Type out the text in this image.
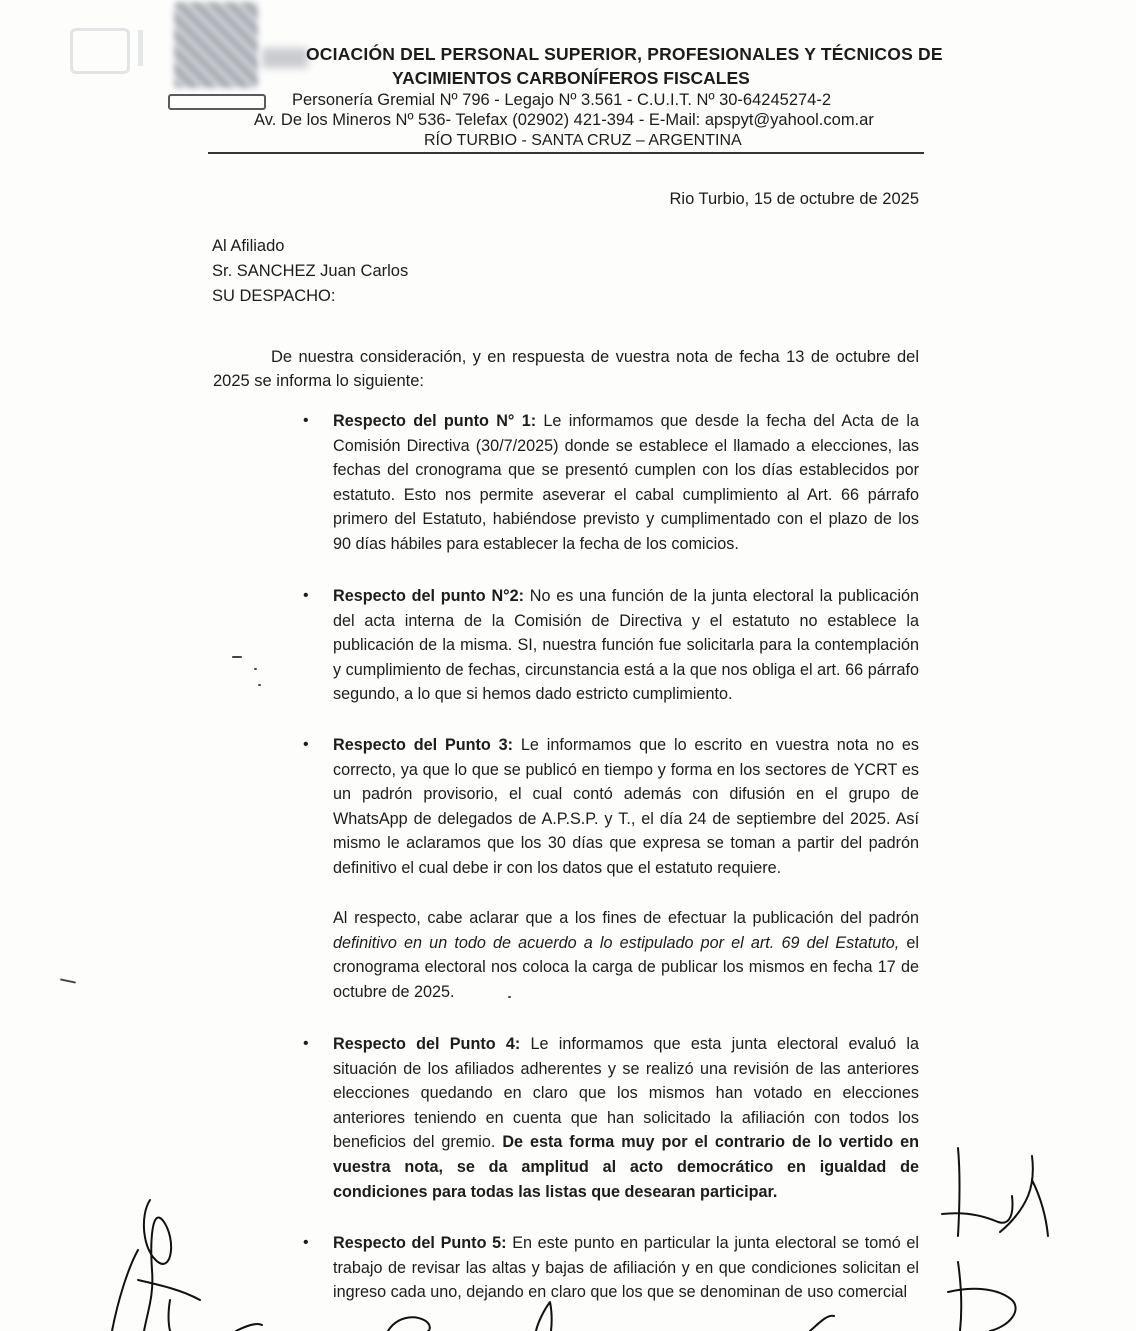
OCIACIÓN DEL PERSONAL SUPERIOR, PROFESIONALES Y TÉCNICOS DE
YACIMIENTOS CARBONÍFEROS FISCALES
Personería Gremial Nº 796 - Legajo Nº 3.561 - C.U.I.T. Nº 30-64245274-2
Av. De los Mineros Nº 536- Telefax (02902) 421-394 - E-Mail: apspyt@yahool.com.ar
RÍO TURBIO - SANTA CRUZ – ARGENTINA
Rio Turbio, 15 de octubre de 2025
Al Afiliado
Sr. SANCHEZ Juan Carlos
SU DESPACHO:
De nuestra consideración, y en respuesta de vuestra nota de fecha 13 de octubre del 2025 se informa lo siguiente:
• Respecto del punto N° 1: Le informamos que desde la fecha del Acta de la Comisión Directiva (30/7/2025) donde se establece el llamado a elecciones, las fechas del cronograma que se presentó cumplen con los días establecidos por estatuto. Esto nos permite aseverar el cabal cumplimiento al Art. 66 párrafo primero del Estatuto, habiéndose previsto y cumplimentado con el plazo de los 90 días hábiles para establecer la fecha de los comicios.
• Respecto del punto N°2: No es una función de la junta electoral la publicación del acta interna de la Comisión de Directiva y el estatuto no establece la publicación de la misma. SI, nuestra función fue solicitarla para la contemplación y cumplimiento de fechas, circunstancia está a la que nos obliga el art. 66 párrafo segundo, a lo que si hemos dado estricto cumplimiento.
• Respecto del Punto 3: Le informamos que lo escrito en vuestra nota no es correcto, ya que lo que se publicó en tiempo y forma en los sectores de YCRT es un padrón provisorio, el cual contó además con difusión en el grupo de WhatsApp de delegados de A.P.S.P. y T., el día 24 de septiembre del 2025. Así mismo le aclaramos que los 30 días que expresa se toman a partir del padrón definitivo el cual debe ir con los datos que el estatuto requiere.
Al respecto, cabe aclarar que a los fines de efectuar la publicación del padrón definitivo en un todo de acuerdo a lo estipulado por el art. 69 del Estatuto, el cronograma electoral nos coloca la carga de publicar los mismos en fecha 17 de octubre de 2025.
• Respecto del Punto 4: Le informamos que esta junta electoral evaluó la situación de los afiliados adherentes y se realizó una revisión de las anteriores elecciones quedando en claro que los mismos han votado en elecciones anteriores teniendo en cuenta que han solicitado la afiliación con todos los beneficios del gremio. De esta forma muy por el contrario de lo vertido en vuestra nota, se da amplitud al acto democrático en igualdad de condiciones para todas las listas que desearan participar.
• Respecto del Punto 5: En este punto en particular la junta electoral se tomó el trabajo de revisar las altas y bajas de afiliación y en que condiciones solicitan el ingreso cada uno, dejando en claro que los que se denominan de uso comercial
